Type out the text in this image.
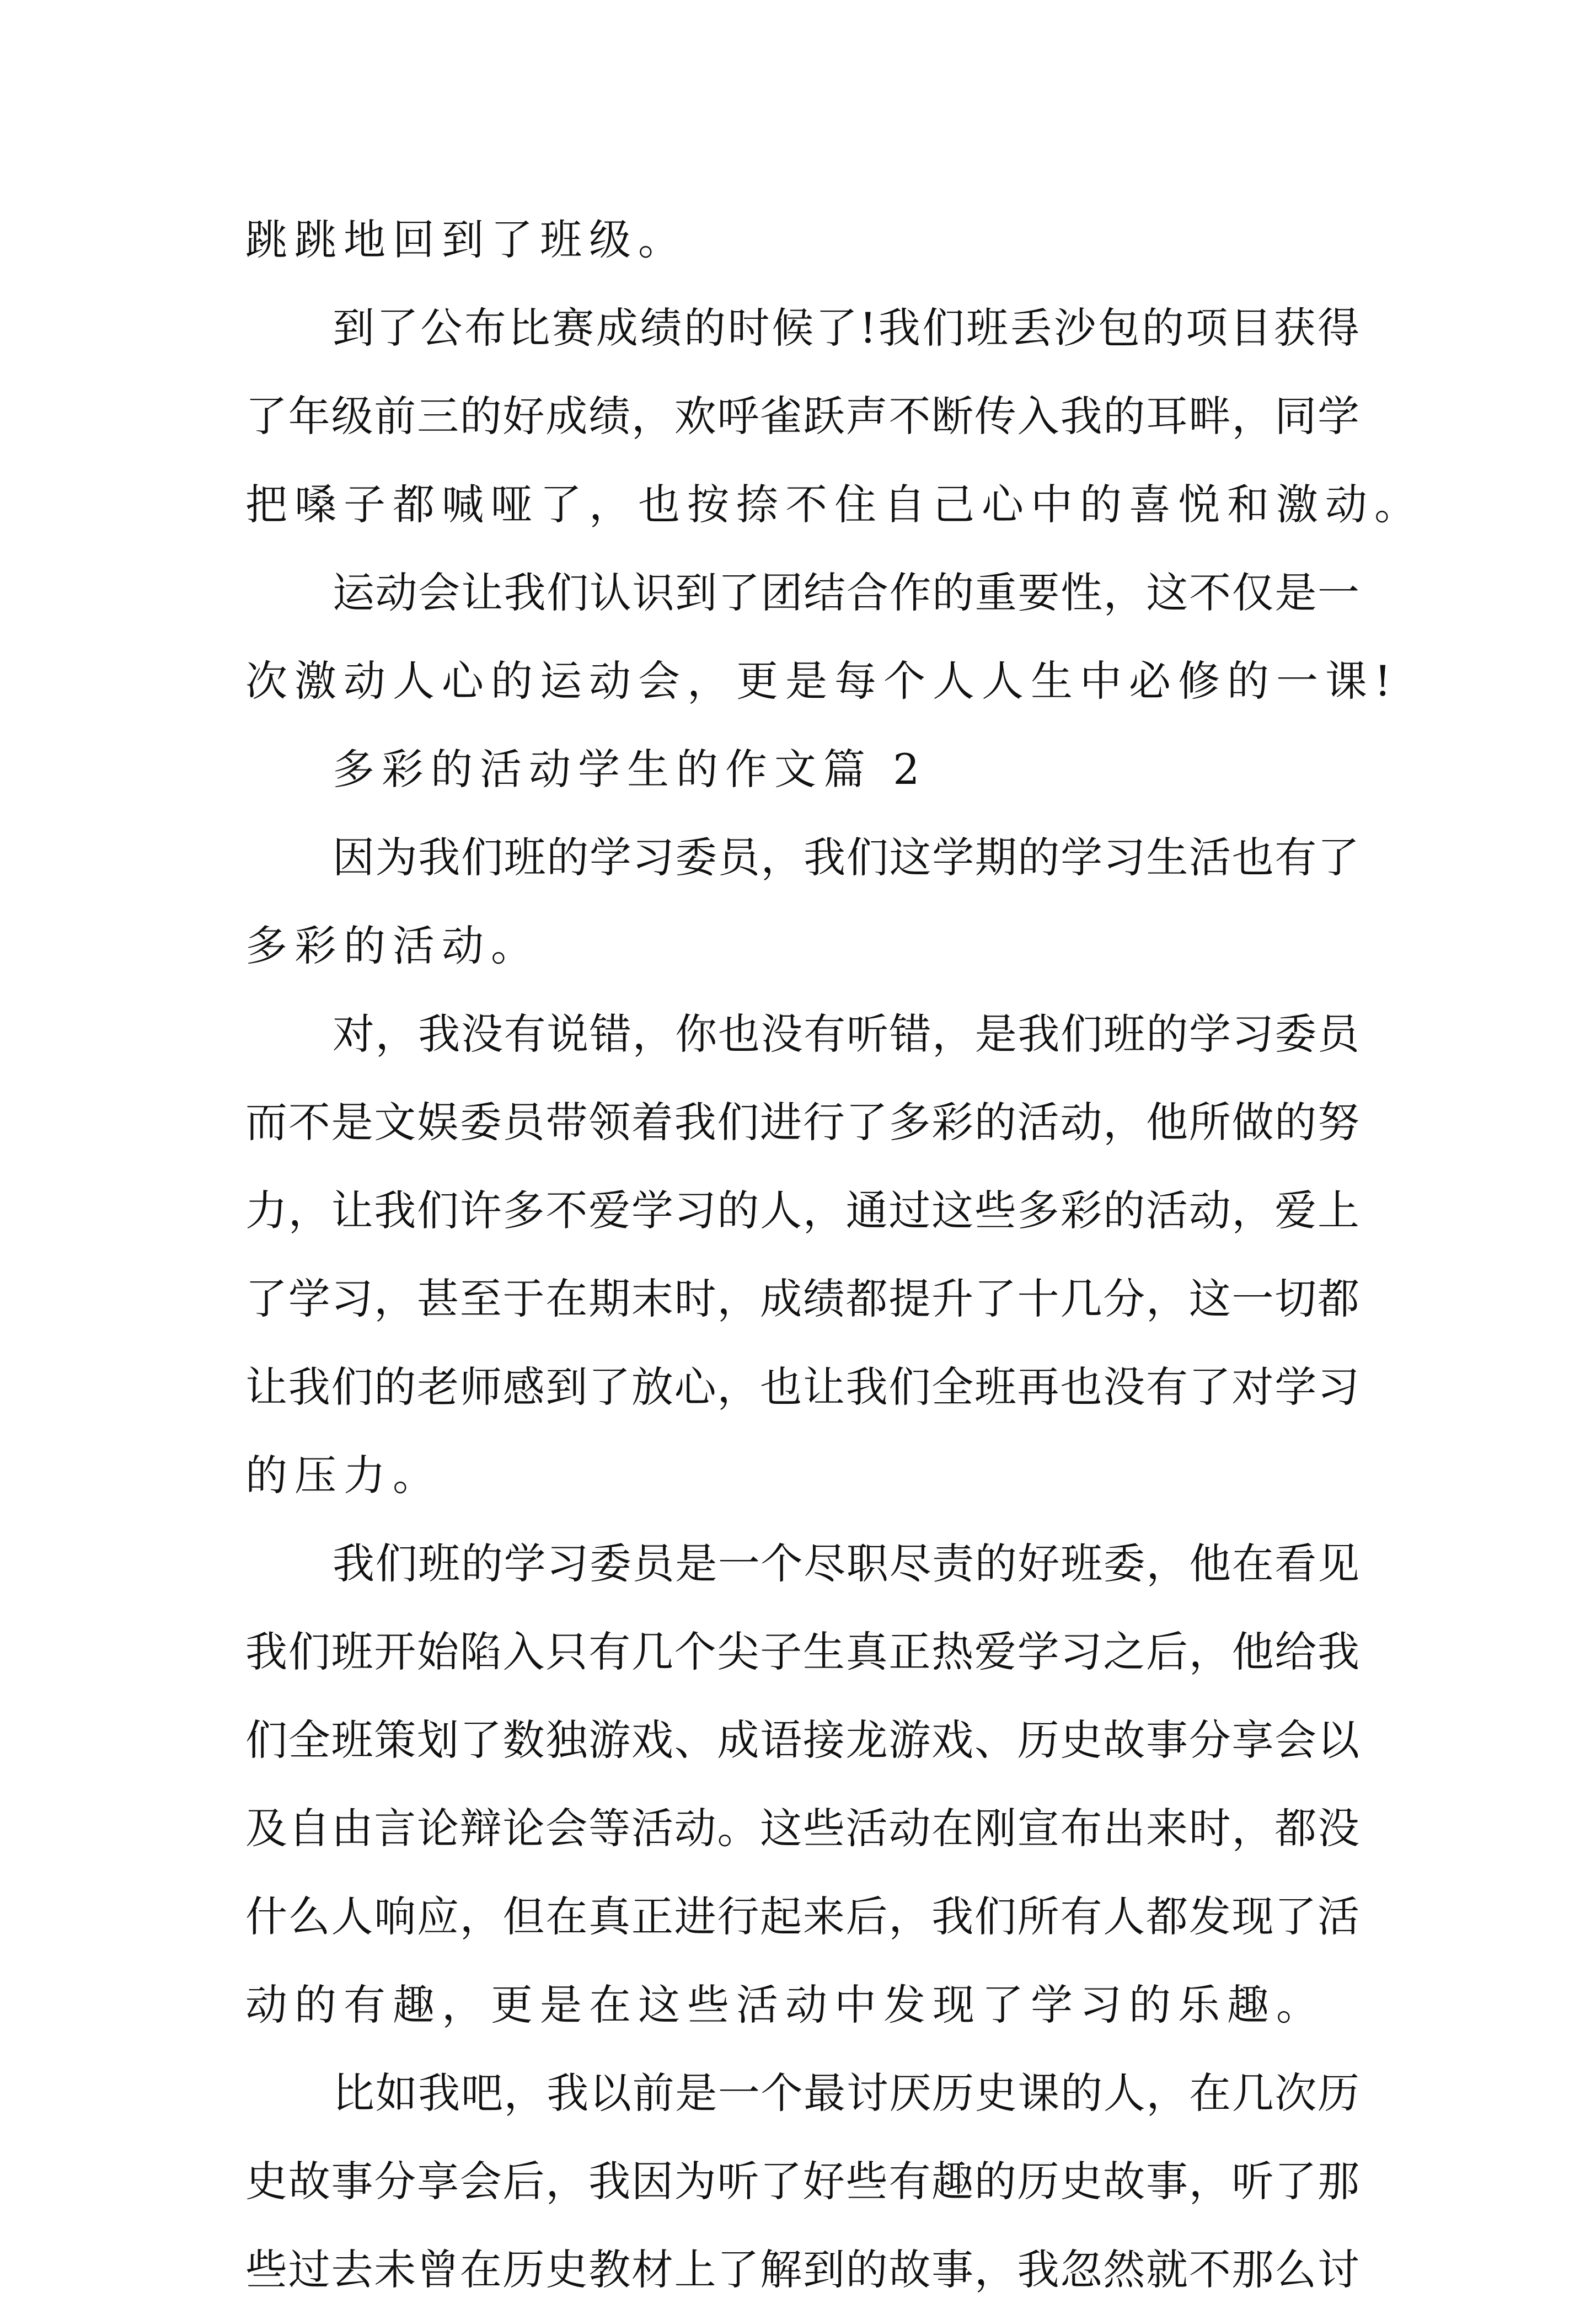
跳跳地回到了班级。
到了公布比赛成绩的时候了!我们班丢沙包的项目获得
了年级前三的好成绩，欢呼雀跃声不断传入我的耳畔，同学
把嗓子都喊哑了，也按捺不住自己心中的喜悦和激动。
运动会让我们认识到了团结合作的重要性，这不仅是一
次激动人心的运动会，更是每个人人生中必修的一课!
多彩的活动学生的作文篇 2
因为我们班的学习委员，我们这学期的学习生活也有了
多彩的活动。
对，我没有说错，你也没有听错，是我们班的学习委员
而不是文娱委员带领着我们进行了多彩的活动，他所做的努
力，让我们许多不爱学习的人，通过这些多彩的活动，爱上
了学习，甚至于在期末时，成绩都提升了十几分，这一切都
让我们的老师感到了放心，也让我们全班再也没有了对学习
的压力。
我们班的学习委员是一个尽职尽责的好班委，他在看见
我们班开始陷入只有几个尖子生真正热爱学习之后，他给我
们全班策划了数独游戏、成语接龙游戏、历史故事分享会以
及自由言论辩论会等活动。这些活动在刚宣布出来时，都没
什么人响应，但在真正进行起来后，我们所有人都发现了活
动的有趣，更是在这些活动中发现了学习的乐趣。
比如我吧，我以前是一个最讨厌历史课的人，在几次历
史故事分享会后，我因为听了好些有趣的历史故事，听了那
些过去未曾在历史教材上了解到的故事，我忽然就不那么讨
